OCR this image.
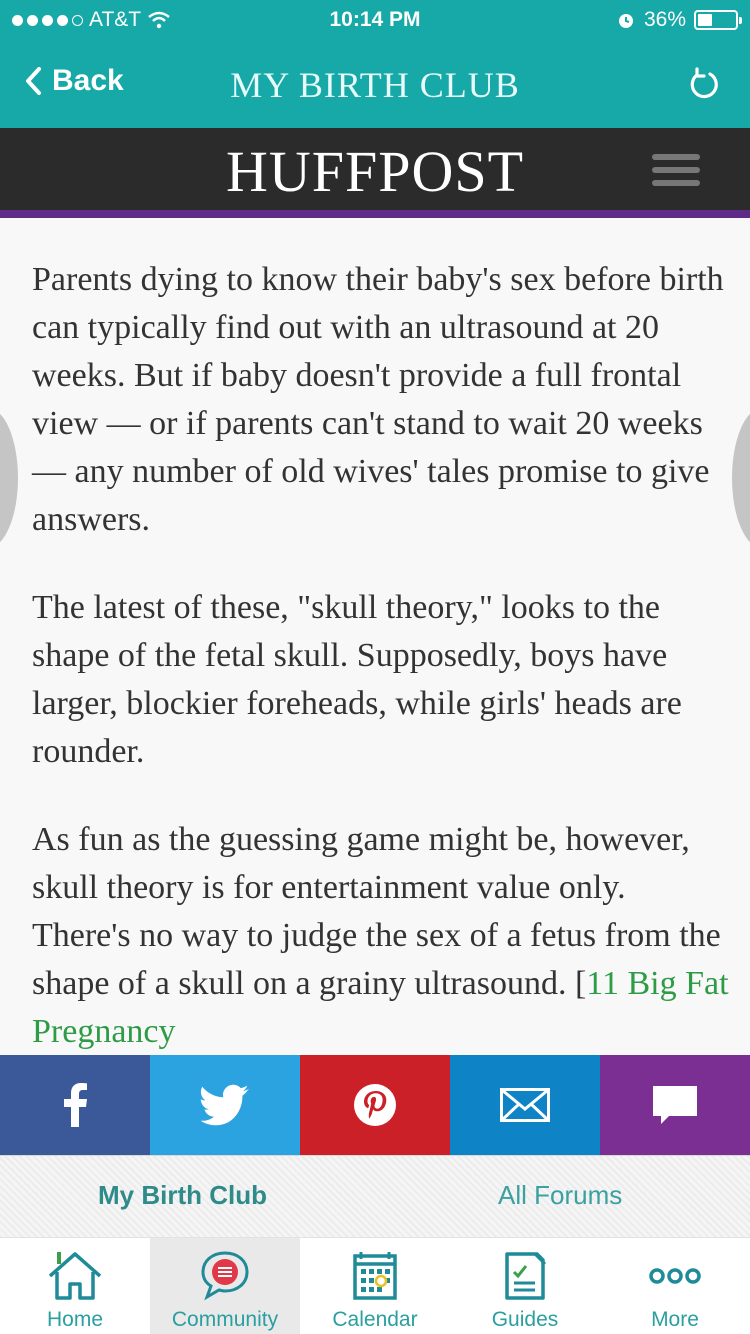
AT&T	10:14 PM	36%
Back	MY BIRTH CLUB
HUFFPOST

Parents dying to know their baby's sex before birth can typically find out with an ultrasound at 20 weeks. But if baby doesn't provide a full frontal view — or if parents can't stand to wait 20 weeks — any number of old wives' tales promise to give answers.

The latest of these, "skull theory," looks to the shape of the fetal skull. Supposedly, boys have larger, blockier foreheads, while girls' heads are rounder.

As fun as the guessing game might be, however, skull theory is for entertainment value only. There's no way to judge the sex of a fetus from the shape of a skull on a grainy ultrasound. [11 Big Fat Pregnancy

My Birth Club	All Forums
Home	Community	Calendar	Guides	More
